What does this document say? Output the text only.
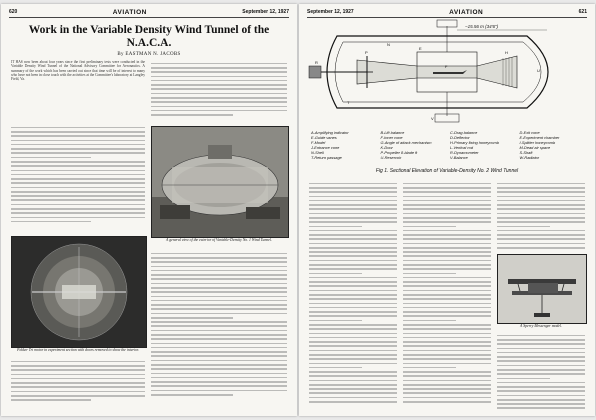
620	AVIATION	September 12, 1927
Work in the Variable Density Wind Tunnel of the N.A.C.A.
By EASTMAN N. JACOBS
IT HAS now been about four years since the first preliminary tests were conducted in the Variable Density Wind Tunnel of the National Advisory Committee for Aeronautics. A summary of the work which has been carried out since that time will be of interest to many who have not been in close touch with the activities at the Committee's laboratory at Langley Field, Va.
A general view of the exterior of Variable-Density No. 1 Wind Tunnel.
Fokker Tri motor in experiment section with doors removed to show the interior.
September 12, 1927	AVIATION	621
−15.56 m (34'6")
R
P
E
F
H
U
V
N
T
A-Amplifying indicator	B-Lift balance	C-Drag balance	D-Exit cone
E-Guide vanes	F-Inner cone	D-Deflector	E-Experiment chamber
F-Model	G-Angle of attack mechanism	H-Primary fixing honeycomb	I-Splitter honeycomb
J-Entrance cone	K-Door	L-Vertical rod	M-Dead air space
N-Shell	P-Propeller 8-blade ft	R-Dynamometer	S-Shaft
T-Return passage	U-Reservoir	V-Balance	W-Radiator
Fig 1. Sectional Elevation of Variable-Density No. 2 Wind Tunnel
A Sperry Messenger model.
